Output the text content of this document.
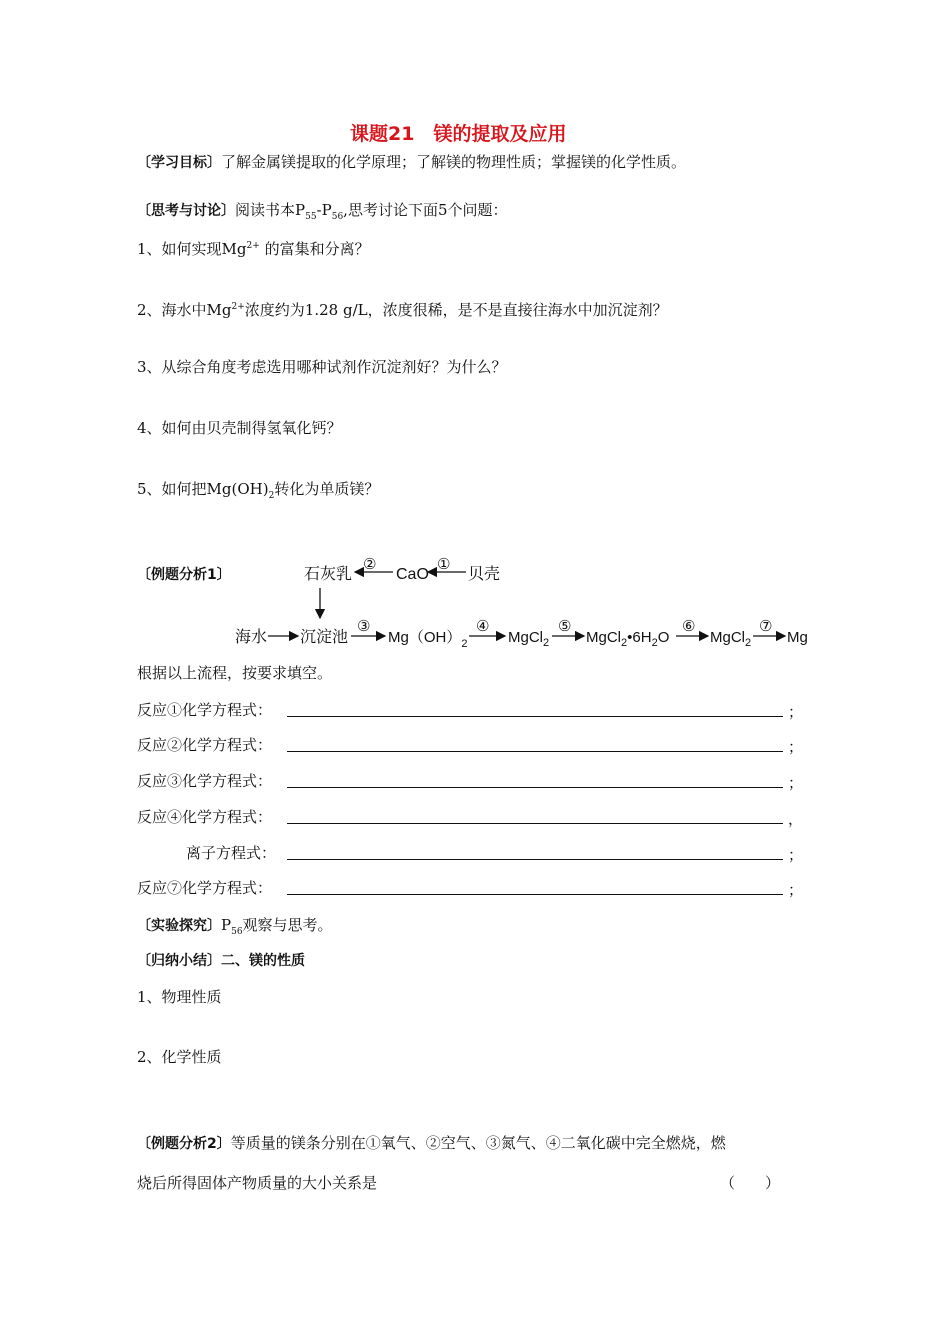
课题21　镁的提取及应用
〔学习目标〕了解金属镁提取的化学原理；了解镁的物理性质；掌握镁的化学性质。
〔思考与讨论〕阅读书本$P_{55}-P_{56}$,思考讨论下面5个问题：
1、如何实现$Mg^{2+}$ 的富集和分离？
2、海水中$Mg^{2+}$浓度约为1.28 g/L，浓度很稀，是不是直接往海水中加沉淀剂？
3、从综合角度考虑选用哪种试剂作沉淀剂好？为什么？
4、如何由贝壳制得氢氧化钙？
5、如何把$Mg(OH)_2$转化为单质镁？
〔例题分析1〕	石灰乳
②
CaO
①
贝壳
海水 沉淀池
③
$Mg(OH)_2$
④
MgCl$_2$
⑤
$MgCl_2•6H_2O$
⑥
MgCl$_2$
⑦
Mg
根据以上流程，按要求填空。
反应①化学方程式：	；
反应②化学方程式：	；
反应③化学方程式：	；
反应④化学方程式：	，
离子方程式：	；
反应⑦化学方程式：	；
〔实验探究〕$P_{56}$观察与思考。
〔归纳小结〕二、镁的性质
1、物理性质
2、化学性质
〔例题分析2〕等质量的镁条分别在①氧气、②空气、③氮气、④二氧化碳中完全燃烧，燃
烧后所得固体产物质量的大小关系是	（　　）
